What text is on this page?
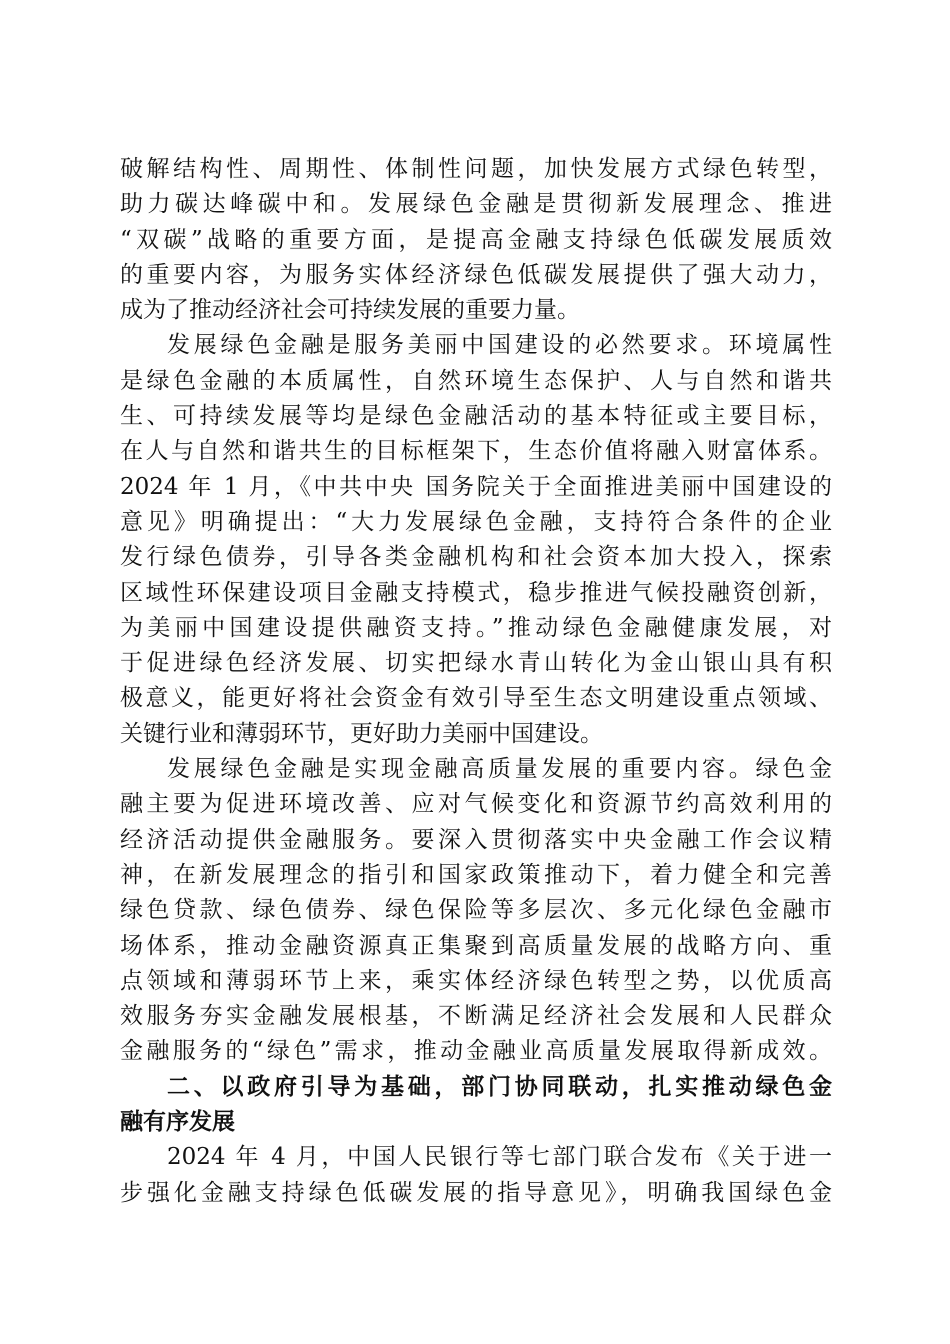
破解结构性、周期性、体制性问题，加快发展方式绿色转型，
助力碳达峰碳中和。发展绿色金融是贯彻新发展理念、推进
“双碳”战略的重要方面，是提高金融支持绿色低碳发展质效
的重要内容，为服务实体经济绿色低碳发展提供了强大动力，
成为了推动经济社会可持续发展的重要力量。
发展绿色金融是服务美丽中国建设的必然要求。环境属性
是绿色金融的本质属性，自然环境生态保护、人与自然和谐共
生、可持续发展等均是绿色金融活动的基本特征或主要目标，
在人与自然和谐共生的目标框架下，生态价值将融入财富体系。
2024 年 1 月，《中共中央 国务院关于全面推进美丽中国建设的
意见》明确提出：“大力发展绿色金融，支持符合条件的企业
发行绿色债券，引导各类金融机构和社会资本加大投入，探索
区域性环保建设项目金融支持模式，稳步推进气候投融资创新，
为美丽中国建设提供融资支持。”推动绿色金融健康发展，对
于促进绿色经济发展、切实把绿水青山转化为金山银山具有积
极意义，能更好将社会资金有效引导至生态文明建设重点领域、
关键行业和薄弱环节，更好助力美丽中国建设。
发展绿色金融是实现金融高质量发展的重要内容。绿色金
融主要为促进环境改善、应对气候变化和资源节约高效利用的
经济活动提供金融服务。要深入贯彻落实中央金融工作会议精
神，在新发展理念的指引和国家政策推动下，着力健全和完善
绿色贷款、绿色债券、绿色保险等多层次、多元化绿色金融市
场体系，推动金融资源真正集聚到高质量发展的战略方向、重
点领域和薄弱环节上来，乘实体经济绿色转型之势，以优质高
效服务夯实金融发展根基，不断满足经济社会发展和人民群众
金融服务的“绿色”需求，推动金融业高质量发展取得新成效。
二、以政府引导为基础，部门协同联动，扎实推动绿色金
融有序发展
2024 年 4 月，中国人民银行等七部门联合发布《关于进一
步强化金融支持绿色低碳发展的指导意见》，明确我国绿色金
